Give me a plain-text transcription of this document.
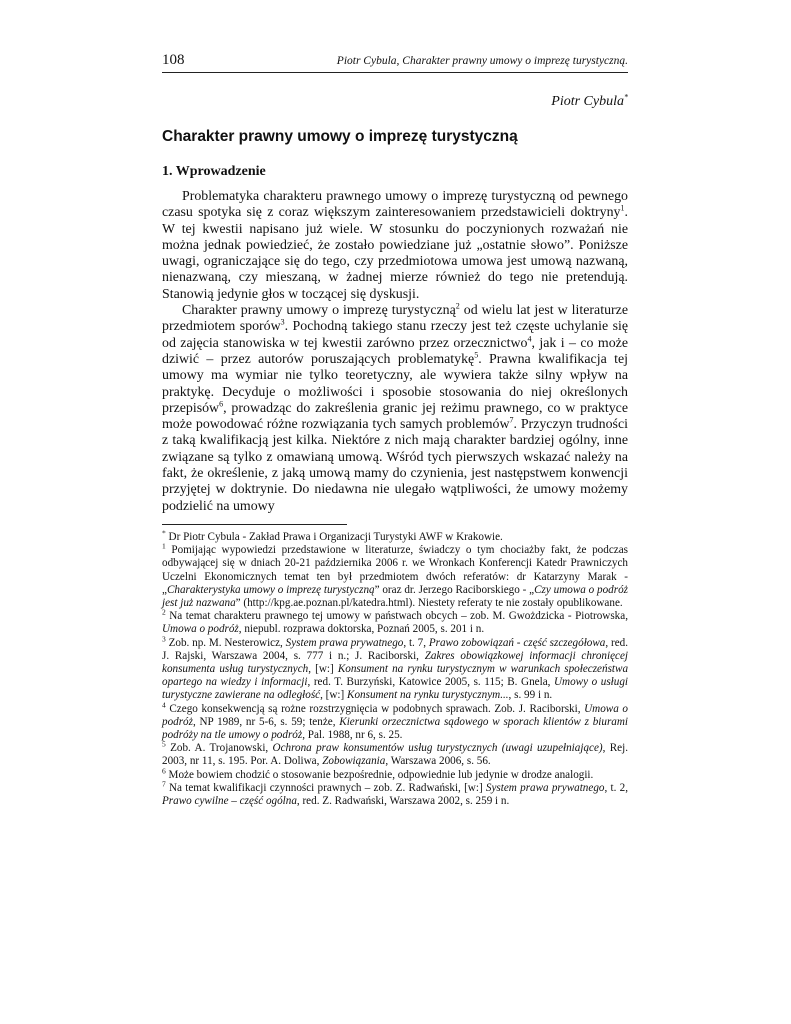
108	Piotr Cybula, Charakter prawny umowy o imprezę turystyczną.
Piotr Cybula*
Charakter prawny umowy o imprezę turystyczną
1. Wprowadzenie

Problematyka charakteru prawnego umowy o imprezę turystyczną od pewnego czasu spotyka się z coraz większym zainteresowaniem przedstawicieli doktryny$^1$. W tej kwestii napisano już wiele. W stosunku do poczynionych rozważań nie można jednak powiedzieć, że zostało powiedziane już „ostatnie słowo”. Poniższe uwagi, ograniczające się do tego, czy przedmiotowa umowa jest umową nazwaną, nienazwaną, czy mieszaną, w żadnej mierze również do tego nie pretendują. Stanowią jedynie głos w toczącej się dyskusji.

Charakter prawny umowy o imprezę turystyczną$^2$ od wielu lat jest w literaturze przedmiotem sporów$^3$. Pochodną takiego stanu rzeczy jest też częste uchylanie się od zajęcia stanowiska w tej kwestii zarówno przez orzecznictwo$^4$, jak i – co może dziwić – przez autorów poruszających problematykę$^5$. Prawna kwalifikacja tej umowy ma wymiar nie tylko teoretyczny, ale wywiera także silny wpływ na praktykę. Decyduje o możliwości i sposobie stosowania do niej określonych przepisów$^6$, prowadząc do zakreślenia granic jej reżimu prawnego, co w praktyce może powodować różne rozwiązania tych samych problemów$^7$. Przyczyn trudności z taką kwalifikacją jest kilka. Niektóre z nich mają charakter bardziej ogólny, inne związane są tylko z omawianą umową. Wśród tych pierwszych wskazać należy na fakt, że określenie, z jaką umową mamy do czynienia, jest następstwem konwencji przyjętej w doktrynie. Do niedawna nie ulegało wątpliwości, że umowy możemy podzielić na umowy

* Dr Piotr Cybula - Zakład Prawa i Organizacji Turystyki AWF w Krakowie.

$^1$ Pomijając wypowiedzi przedstawione w literaturze, świadczy o tym chociażby fakt, że podczas odbywającej się w dniach 20-21 października 2006 r. we Wronkach Konferencji Katedr Prawniczych Uczelni Ekonomicznych temat ten był przedmiotem dwóch referatów: dr Katarzyny Marak - „Charakterystyka umowy o imprezę turystyczną” oraz dr. Jerzego Raciborskiego - „Czy umowa o podróż jest już nazwana” (http://kpg.ae.poznan.pl/katedra.html). Niestety referaty te nie zostały opublikowane.

$^2$ Na temat charakteru prawnego tej umowy w państwach obcych – zob. M. Gwożdzicka - Piotrowska, Umowa o podróż, niepubl. rozprawa doktorska, Poznań 2005, s. 201 i n.

$^3$ Zob. np. M. Nesterowicz, System prawa prywatnego, t. 7, Prawo zobowiązań - część szczegółowa, red. J. Rajski, Warszawa 2004, s. 777 i n.; J. Raciborski, Zakres obowiązkowej informacji chronięcej konsumenta usług turystycznych, [w:] Konsument na rynku turystycznym w warunkach społeczeństwa opartego na wiedzy i informacji, red. T. Burzyński, Katowice 2005, s. 115; B. Gnela, Umowy o usługi turystyczne zawierane na odległość, [w:] Konsument na rynku turystycznym..., s. 99 i n.

$^4$ Czego konsekwencją są rożne rozstrzygnięcia w podobnych sprawach. Zob. J. Raciborski, Umowa o podróż, NP 1989, nr 5-6, s. 59; tenże, Kierunki orzecznictwa sądowego w sporach klientów z biurami podróży na tle umowy o podróż, Pal. 1988, nr 6, s. 25.

$^5$ Zob. A. Trojanowski, Ochrona praw konsumentów usług turystycznych (uwagi uzupełniające), Rej. 2003, nr 11, s. 195. Por. A. Doliwa, Zobowiązania, Warszawa 2006, s. 56.

$^6$ Może bowiem chodzić o stosowanie bezpośrednie, odpowiednie lub jedynie w drodze analogii.

$^7$ Na temat kwalifikacji czynności prawnych – zob. Z. Radwański, [w:] System prawa prywatnego, t. 2, Prawo cywilne – część ogólna, red. Z. Radwański, Warszawa 2002, s. 259 i n.
